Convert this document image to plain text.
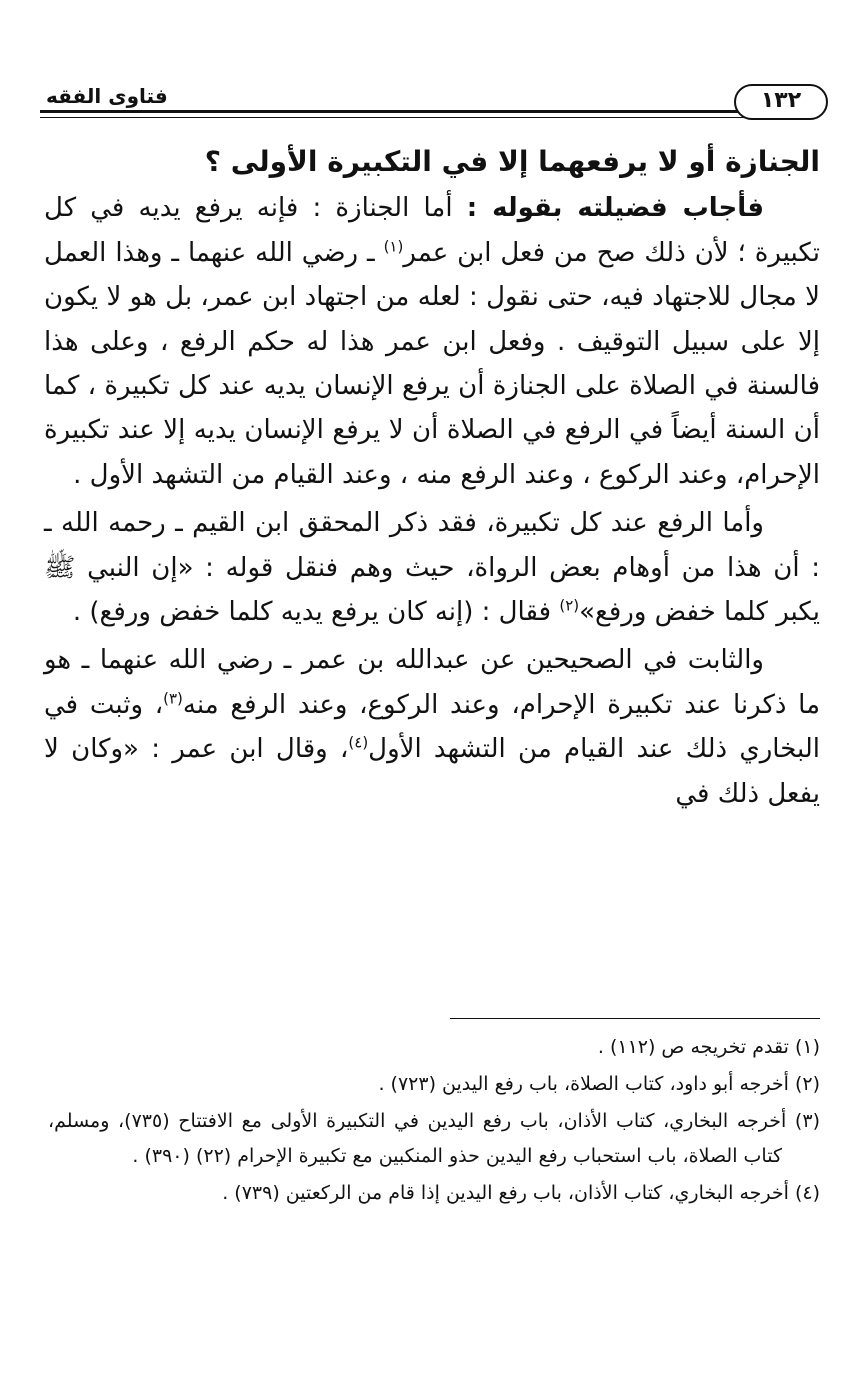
١٣٢
فتاوى الفقه

الجنازة أو لا يرفعهما إلا في التكبيرة الأولى ؟

فأجاب فضيلته بقوله : أما الجنازة : فإنه يرفع يديه في كل تكبيرة ؛ لأن ذلك صح من فعل ابن عمر$^{(١)}$ ـ رضي الله عنهما ـ وهذا العمل لا مجال للاجتهاد فيه، حتى نقول : لعله من اجتهاد ابن عمر، بل هو لا يكون إلا على سبيل التوقيف . وفعل ابن عمر هذا له حكم الرفع ، وعلى هذا فالسنة في الصلاة على الجنازة أن يرفع الإنسان يديه عند كل تكبيرة ، كما أن السنة أيضاً في الرفع في الصلاة أن لا يرفع الإنسان يديه إلا عند تكبيرة الإحرام، وعند الركوع ، وعند الرفع منه ، وعند القيام من التشهد الأول .

وأما الرفع عند كل تكبيرة، فقد ذكر المحقق ابن القيم ـ رحمه الله ـ : أن هذا من أوهام بعض الرواة، حيث وهم فنقل قوله : «إن النبي ﷺ يكبر كلما خفض ورفع»$^{(٢)}$ فقال : (إنه كان يرفع يديه كلما خفض ورفع) .

والثابت في الصحيحين عن عبدالله بن عمر ـ رضي الله عنهما ـ هو ما ذكرنا عند تكبيرة الإحرام، وعند الركوع، وعند الرفع منه$^{(٣)}$، وثبت في البخاري ذلك عند القيام من التشهد الأول$^{(٤)}$، وقال ابن عمر : «وكان لا يفعل ذلك في

(١) تقدم تخريجه ص (١١٢) .

(٢) أخرجه أبو داود، كتاب الصلاة، باب رفع اليدين (٧٢٣) .

(٣) أخرجه البخاري، كتاب الأذان، باب رفع اليدين في التكبيرة الأولى مع الافتتاح (٧٣٥)، ومسلم، كتاب الصلاة، باب استحباب رفع اليدين حذو المنكبين مع تكبيرة الإحرام (٢٢) (٣٩٠) .

(٤) أخرجه البخاري، كتاب الأذان، باب رفع اليدين إذا قام من الركعتين (٧٣٩) .
